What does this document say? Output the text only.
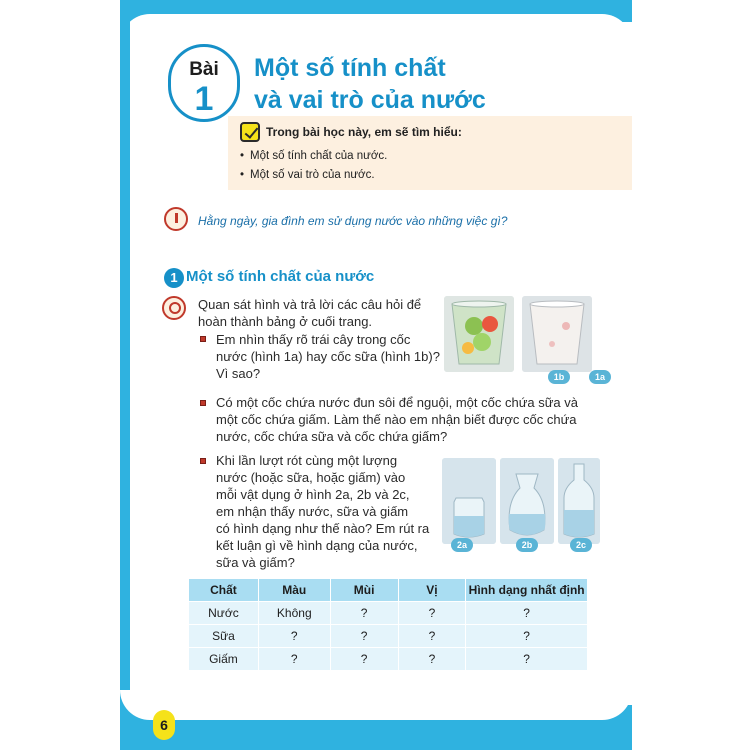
Bài
1
Một số tính chất
và vai trò của nước
Trong bài học này, em sẽ tìm hiểu:
• Một số tính chất của nước.
• Một số vai trò của nước.
Hằng ngày, gia đình em sử dụng nước vào những việc gì?
1 Một số tính chất của nước
Quan sát hình và trả lời các câu hỏi để
hoàn thành bảng ở cuối trang.
Em nhìn thấy rõ trái cây trong cốc
nước (hình 1a) hay cốc sữa (hình 1b)?
Vì sao?
Có một cốc chứa nước đun sôi để nguội, một cốc chứa sữa và
một cốc chứa giấm. Làm thế nào em nhận biết được cốc chứa
nước, cốc chứa sữa và cốc chứa giấm?
Khi lần lượt rót cùng một lượng
nước (hoặc sữa, hoặc giấm) vào
mỗi vật dụng ở hình 2a, 2b và 2c,
em nhận thấy nước, sữa và giấm
có hình dạng như thế nào? Em rút ra
kết luận gì về hình dạng của nước,
sữa và giấm?
1a
2a	2b	2c
1b
Chất	Màu	Mùi	Vị	Hình dạng nhất định
Nước	Không	?	?	?
Sữa	?	?	?	?
Giấm	?	?	?	?
6
